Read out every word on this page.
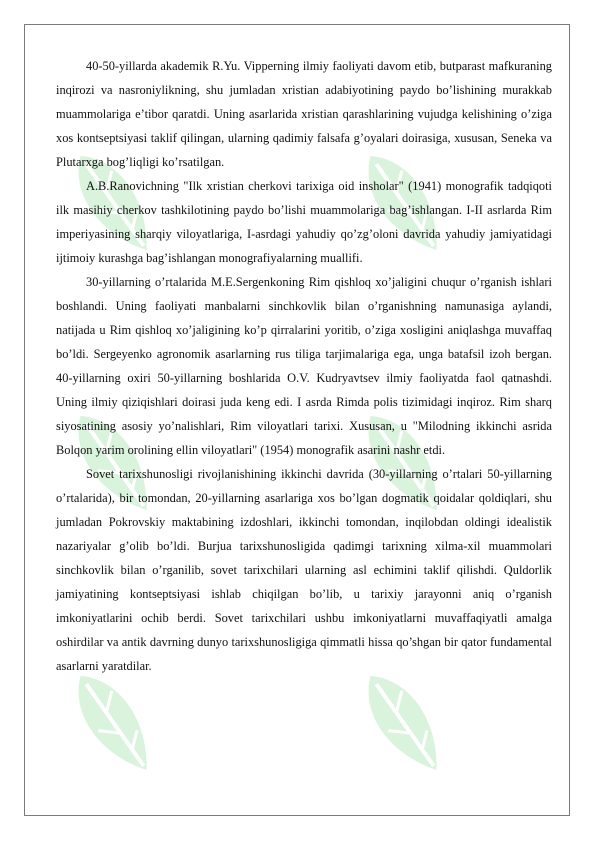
40-50-yillarda akademik R.Yu. Vipperning ilmiy faoliyati davom etib, butparast mafkuraning inqirozi va nasroniylikning, shu jumladan xristian adabiyotining paydo bo’lishining murakkab muammolariga e’tibor qaratdi. Uning asarlarida xristian qarashlarining vujudga kelishining o’ziga xos kontseptsiyasi taklif qilingan, ularning qadimiy falsafa g’oyalari doirasiga, xususan, Seneka va Plutarxga bog’liqligi ko’rsatilgan.

A.B.Ranovichning "Ilk xristian cherkovi tarixiga oid insholar" (1941) monografik tadqiqoti ilk masihiy cherkov tashkilotining paydo bo’lishi muammolariga bag’ishlangan. I-II asrlarda Rim imperiyasining sharqiy viloyatlariga, I-asrdagi yahudiy qo’zg’oloni davrida yahudiy jamiyatidagi ijtimoiy kurashga bag’ishlangan monografiyalarning muallifi.

30-yillarning o’rtalarida M.E.Sergenkoning Rim qishloq xo’jaligini chuqur o’rganish ishlari boshlandi. Uning faoliyati manbalarni sinchkovlik bilan o’rganishning namunasiga aylandi, natijada u Rim qishloq xo’jaligining ko’p qirralarini yoritib, o’ziga xosligini aniqlashga muvaffaq bo’ldi. Sergeyenko agronomik asarlarning rus tiliga tarjimalariga ega, unga batafsil izoh bergan. 40-yillarning oxiri 50-yillarning boshlarida O.V. Kudryavtsev ilmiy faoliyatda faol qatnashdi. Uning ilmiy qiziqishlari doirasi juda keng edi. I asrda Rimda polis tizimidagi inqiroz. Rim sharq siyosatining asosiy yo’nalishlari, Rim viloyatlari tarixi. Xususan, u "Milodning ikkinchi asrida Bolqon yarim orolining ellin viloyatlari" (1954) monografik asarini nashr etdi.

Sovet tarixshunosligi rivojlanishining ikkinchi davrida (30-yillarning o’rtalari 50-yillarning o’rtalarida), bir tomondan, 20-yillarning asarlariga xos bo’lgan dogmatik qoidalar qoldiqlari, shu jumladan Pokrovskiy maktabining izdoshlari, ikkinchi tomondan, inqilobdan oldingi idealistik nazariyalar g’olib bo’ldi. Burjua tarixshunosligida qadimgi tarixning xilma-xil muammolari sinchkovlik bilan o’rganilib, sovet tarixchilari ularning asl echimini taklif qilishdi. Quldorlik jamiyatining kontseptsiyasi ishlab chiqilgan bo’lib, u tarixiy jarayonni aniq o’rganish imkoniyatlarini ochib berdi. Sovet tarixchilari ushbu imkoniyatlarni muvaffaqiyatli amalga oshirdilar va antik davrning dunyo tarixshunosligiga qimmatli hissa qo’shgan bir qator fundamental asarlarni yaratdilar.
